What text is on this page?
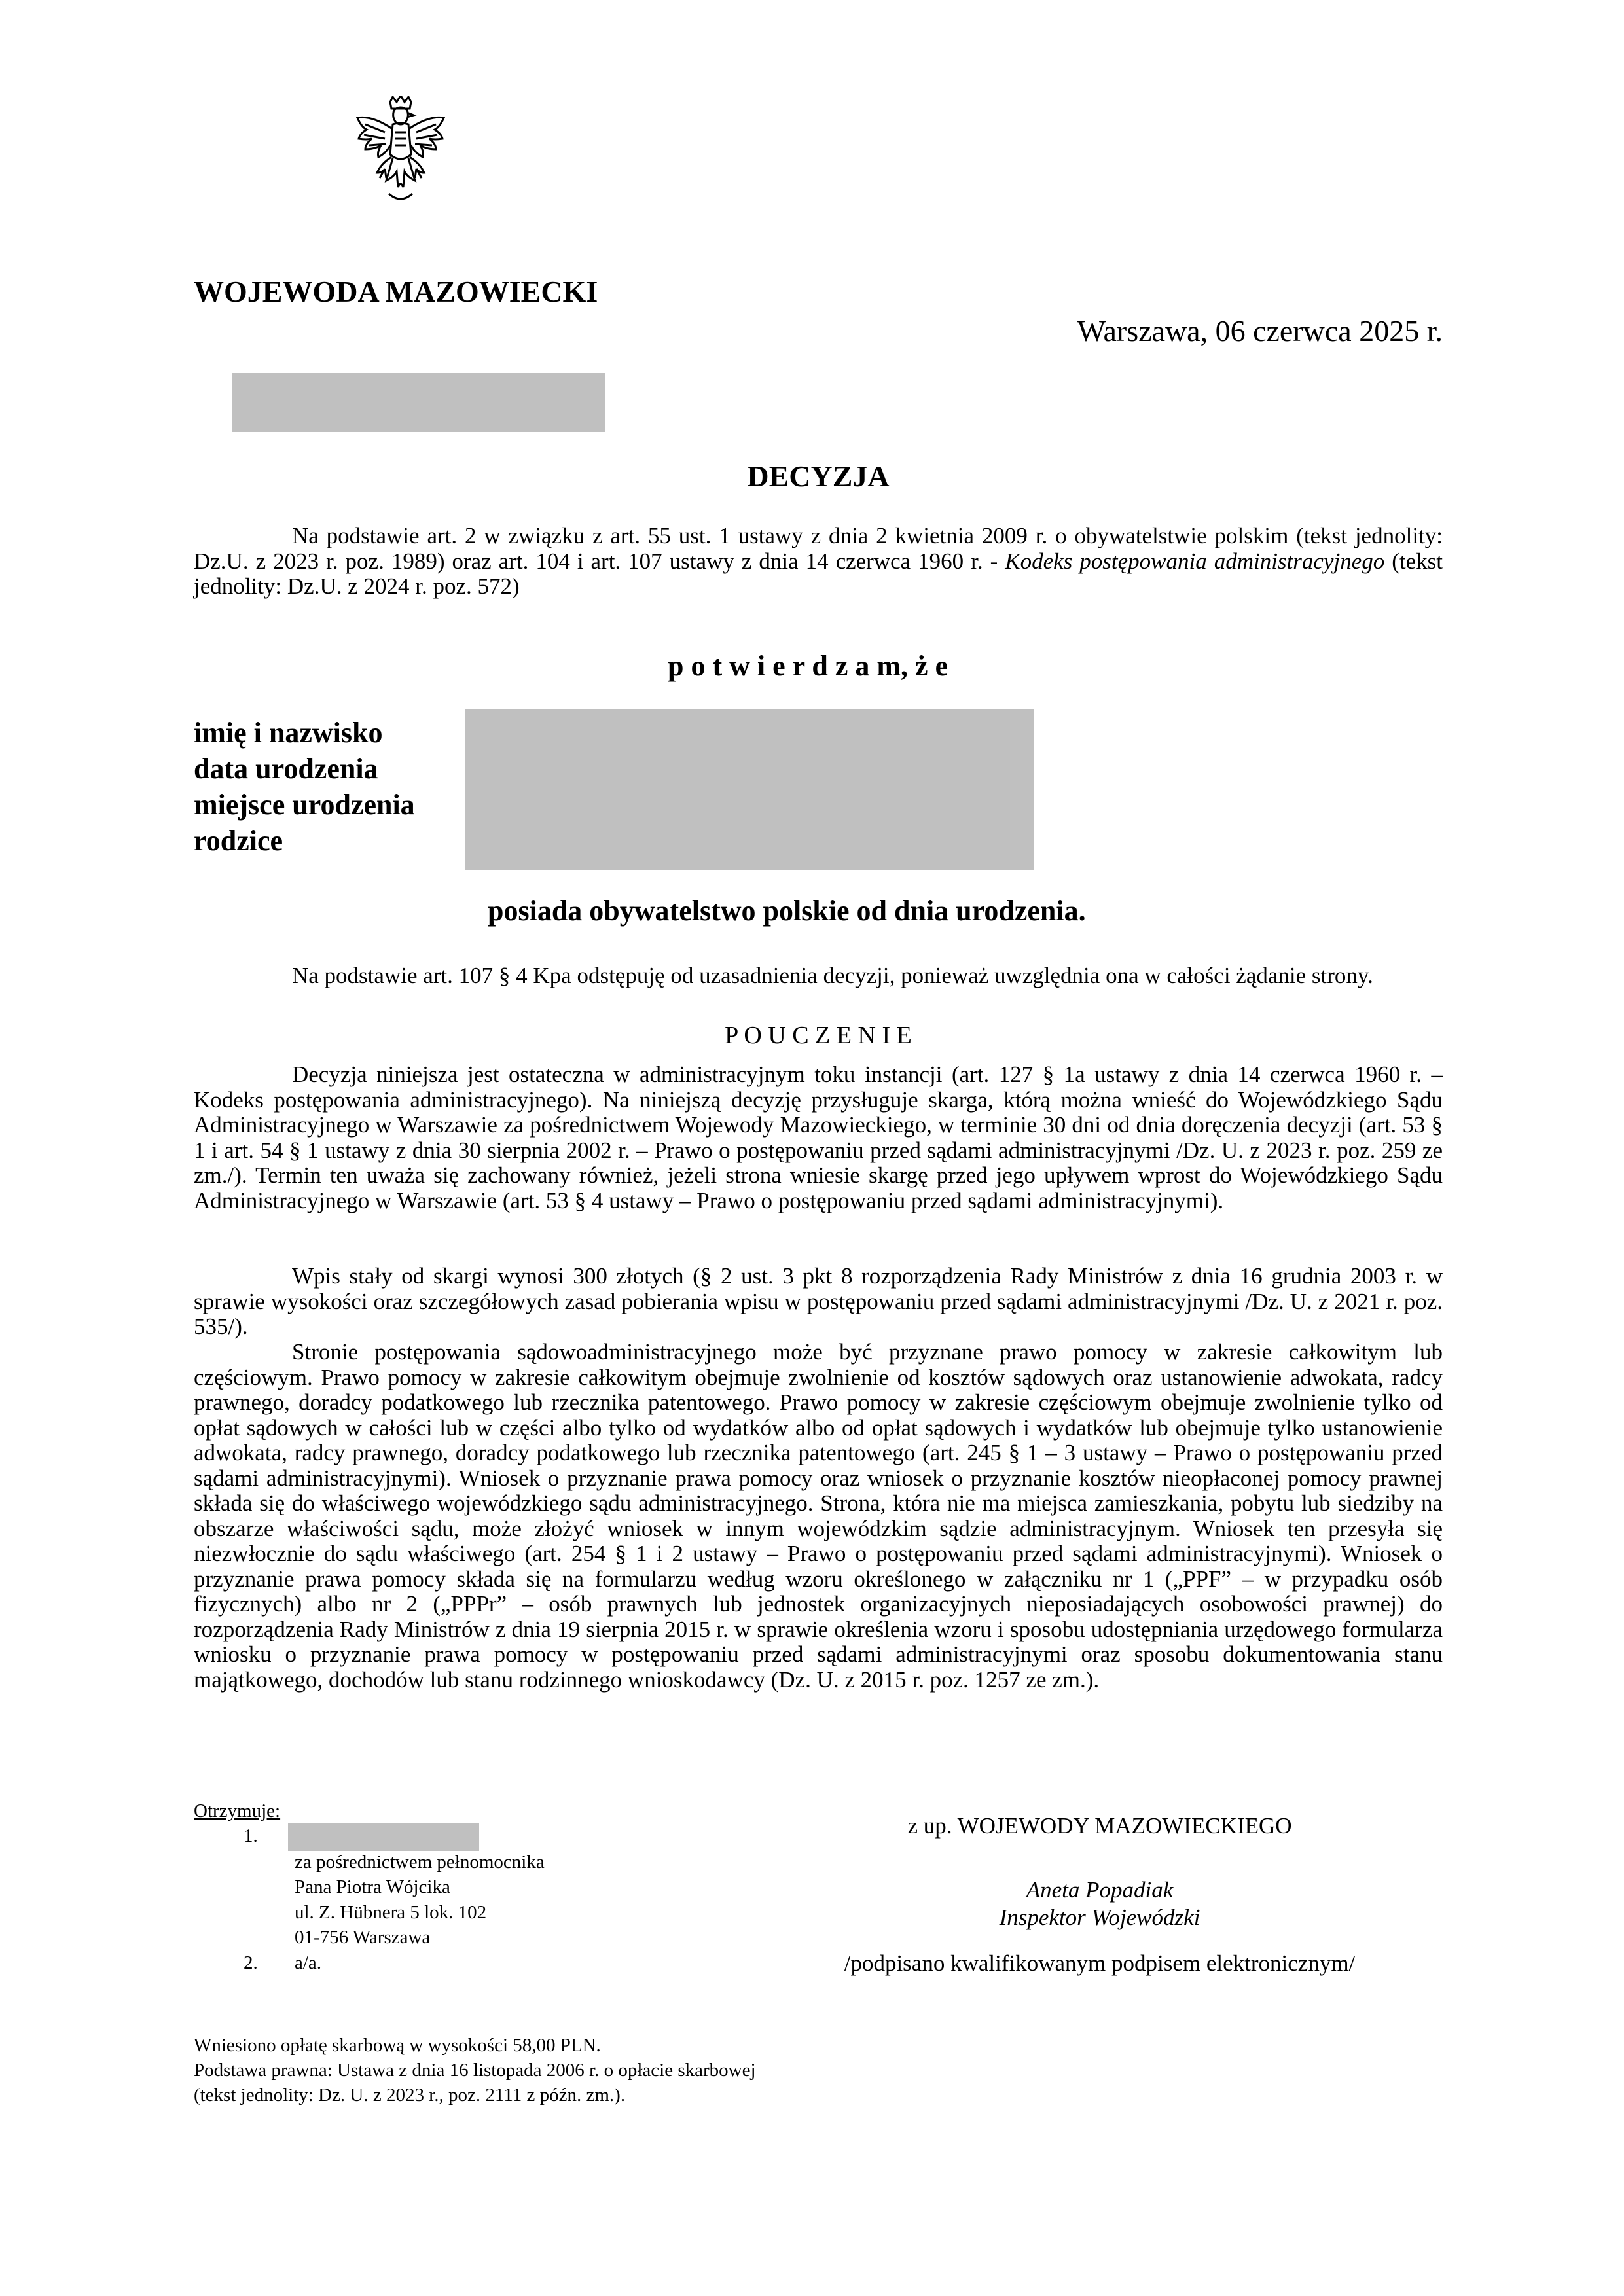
WOJEWODA MAZOWIECKI
Warszawa, 06 czerwca 2025 r.
DECYZJA

Na podstawie art. 2 w związku z art. 55 ust. 1 ustawy z dnia 2 kwietnia 2009 r. o obywatelstwie polskim (tekst jednolity: Dz.U. z 2023 r. poz. 1989) oraz art. 104 i art. 107 ustawy z dnia 14 czerwca 1960 r. - Kodeks postępowania administracyjnego (tekst jednolity: Dz.U. z 2024 r. poz. 572)

p o t w i e r d z a m, ż e
imię i nazwisko
data urodzenia
miejsce urodzenia
rodzice
posiada obywatelstwo polskie od dnia urodzenia.

Na podstawie art. 107 § 4 Kpa odstępuję od uzasadnienia decyzji, ponieważ uwzględnia ona w całości żądanie strony.

P O U C Z E N I E

Decyzja niniejsza jest ostateczna w administracyjnym toku instancji (art. 127 § 1a ustawy z dnia 14 czerwca 1960 r. – Kodeks postępowania administracyjnego). Na niniejszą decyzję przysługuje skarga, którą można wnieść do Wojewódzkiego Sądu Administracyjnego w Warszawie za pośrednictwem Wojewody Mazowieckiego, w terminie 30 dni od dnia doręczenia decyzji (art. 53 § 1 i art. 54 § 1 ustawy z dnia 30 sierpnia 2002 r. – Prawo o postępowaniu przed sądami administracyjnymi /Dz. U. z 2023 r. poz. 259 ze zm./). Termin ten uważa się zachowany również, jeżeli strona wniesie skargę przed jego upływem wprost do Wojewódzkiego Sądu Administracyjnego w Warszawie (art. 53 § 4 ustawy – Prawo o postępowaniu przed sądami administracyjnymi).

Wpis stały od skargi wynosi 300 złotych (§ 2 ust. 3 pkt 8 rozporządzenia Rady Ministrów z dnia 16 grudnia 2003 r. w sprawie wysokości oraz szczegółowych zasad pobierania wpisu w postępowaniu przed sądami administracyjnymi /Dz. U. z 2021 r. poz. 535/).

Stronie postępowania sądowoadministracyjnego może być przyznane prawo pomocy w zakresie całkowitym lub częściowym. Prawo pomocy w zakresie całkowitym obejmuje zwolnienie od kosztów sądowych oraz ustanowienie adwokata, radcy prawnego, doradcy podatkowego lub rzecznika patentowego. Prawo pomocy w zakresie częściowym obejmuje zwolnienie tylko od opłat sądowych w całości lub w części albo tylko od wydatków albo od opłat sądowych i wydatków lub obejmuje tylko ustanowienie adwokata, radcy prawnego, doradcy podatkowego lub rzecznika patentowego (art. 245 § 1 – 3 ustawy – Prawo o postępowaniu przed sądami administracyjnymi). Wniosek o przyznanie prawa pomocy oraz wniosek o przyznanie kosztów nieopłaconej pomocy prawnej składa się do właściwego wojewódzkiego sądu administracyjnego. Strona, która nie ma miejsca zamieszkania, pobytu lub siedziby na obszarze właściwości sądu, może złożyć wniosek w innym wojewódzkim sądzie administracyjnym. Wniosek ten przesyła się niezwłocznie do sądu właściwego (art. 254 § 1 i 2 ustawy – Prawo o postępowaniu przed sądami administracyjnymi). Wniosek o przyznanie prawa pomocy składa się na formularzu według wzoru określonego w załączniku nr 1 („PPF” – w przypadku osób fizycznych) albo nr 2 („PPPr” – osób prawnych lub jednostek organizacyjnych nieposiadających osobowości prawnej) do rozporządzenia Rady Ministrów z dnia 19 sierpnia 2015 r. w sprawie określenia wzoru i sposobu udostępniania urzędowego formularza wniosku o przyznanie prawa pomocy w postępowaniu przed sądami administracyjnymi oraz sposobu dokumentowania stanu majątkowego, dochodów lub stanu rodzinnego wnioskodawcy (Dz. U. z 2015 r. poz. 1257 ze zm.).

Otrzymuje:
1.
za pośrednictwem pełnomocnika
Pana Piotra Wójcika
ul. Z. Hübnera 5 lok. 102
01-756 Warszawa
2. a/a.
z up. WOJEWODY MAZOWIECKIEGO
Aneta Popadiak
Inspektor Wojewódzki
/podpisano kwalifikowanym podpisem elektronicznym/
Wniesiono opłatę skarbową w wysokości 58,00 PLN.
Podstawa prawna: Ustawa z dnia 16 listopada 2006 r. o opłacie skarbowej
(tekst jednolity: Dz. U. z 2023 r., poz. 2111 z późn. zm.).
